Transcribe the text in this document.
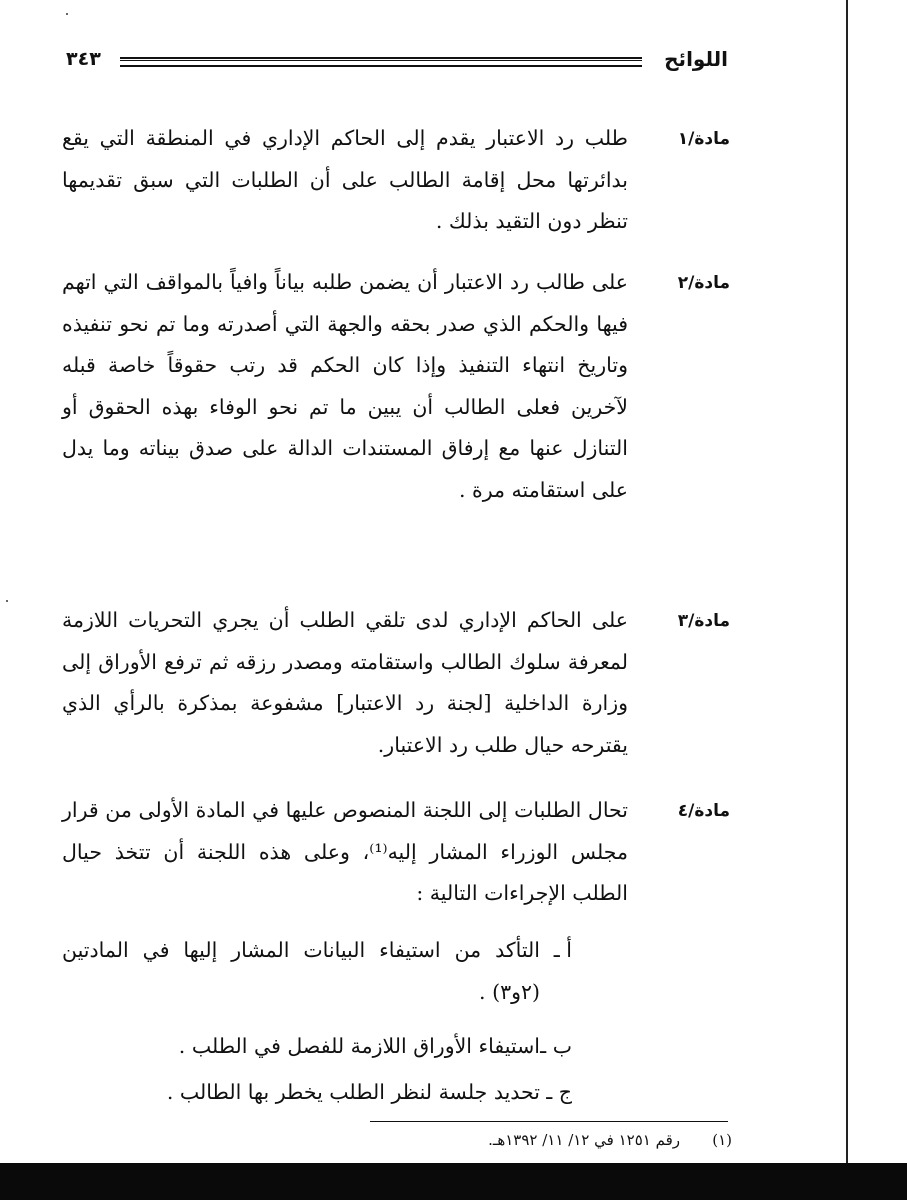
اللوائح
٣٤٣
مادة/١
طلب رد الاعتبار يقدم إلى الحاكم الإداري في المنطقة التي يقع بدائرتها محل إقامة الطالب على أن الطلبات التي سبق تقديمها تنظر دون التقيد بذلك .
مادة/٢
على طالب رد الاعتبار أن يضمن طلبه بياناً وافياً بالمواقف التي اتهم فيها والحكم الذي صدر بحقه والجهة التي أصدرته وما تم نحو تنفيذه وتاريخ انتهاء التنفيذ وإذا كان الحكم قد رتب حقوقاً خاصة قبله لآخرين فعلى الطالب أن يبين ما تم نحو الوفاء بهذه الحقوق أو التنازل عنها مع إرفاق المستندات الدالة على صدق بيناته وما يدل على استقامته مرة .
مادة/٣
على الحاكم الإداري لدى تلقي الطلب أن يجري التحريات اللازمة لمعرفة سلوك الطالب واستقامته ومصدر رزقه ثم ترفع الأوراق إلى وزارة الداخلية [لجنة رد الاعتبار] مشفوعة بمذكرة بالرأي الذي يقترحه حيال طلب رد الاعتبار.
مادة/٤
تحال الطلبات إلى اللجنة المنصوص عليها في المادة الأولى من قرار مجلس الوزراء المشار إليه⁽¹⁾، وعلى هذه اللجنة أن تتخذ حيال الطلب الإجراءات التالية :
أ ـ
التأكد من استيفاء البيانات المشار إليها في المادتين (٢و٣) .
ب ـ
استيفاء الأوراق اللازمة للفصل في الطلب .
ج ـ
تحديد جلسة لنظر الطلب يخطر بها الطالب .
(١)
رقم ١٢٥١ في ١٢/ ١١/ ١٣٩٢هـ.
